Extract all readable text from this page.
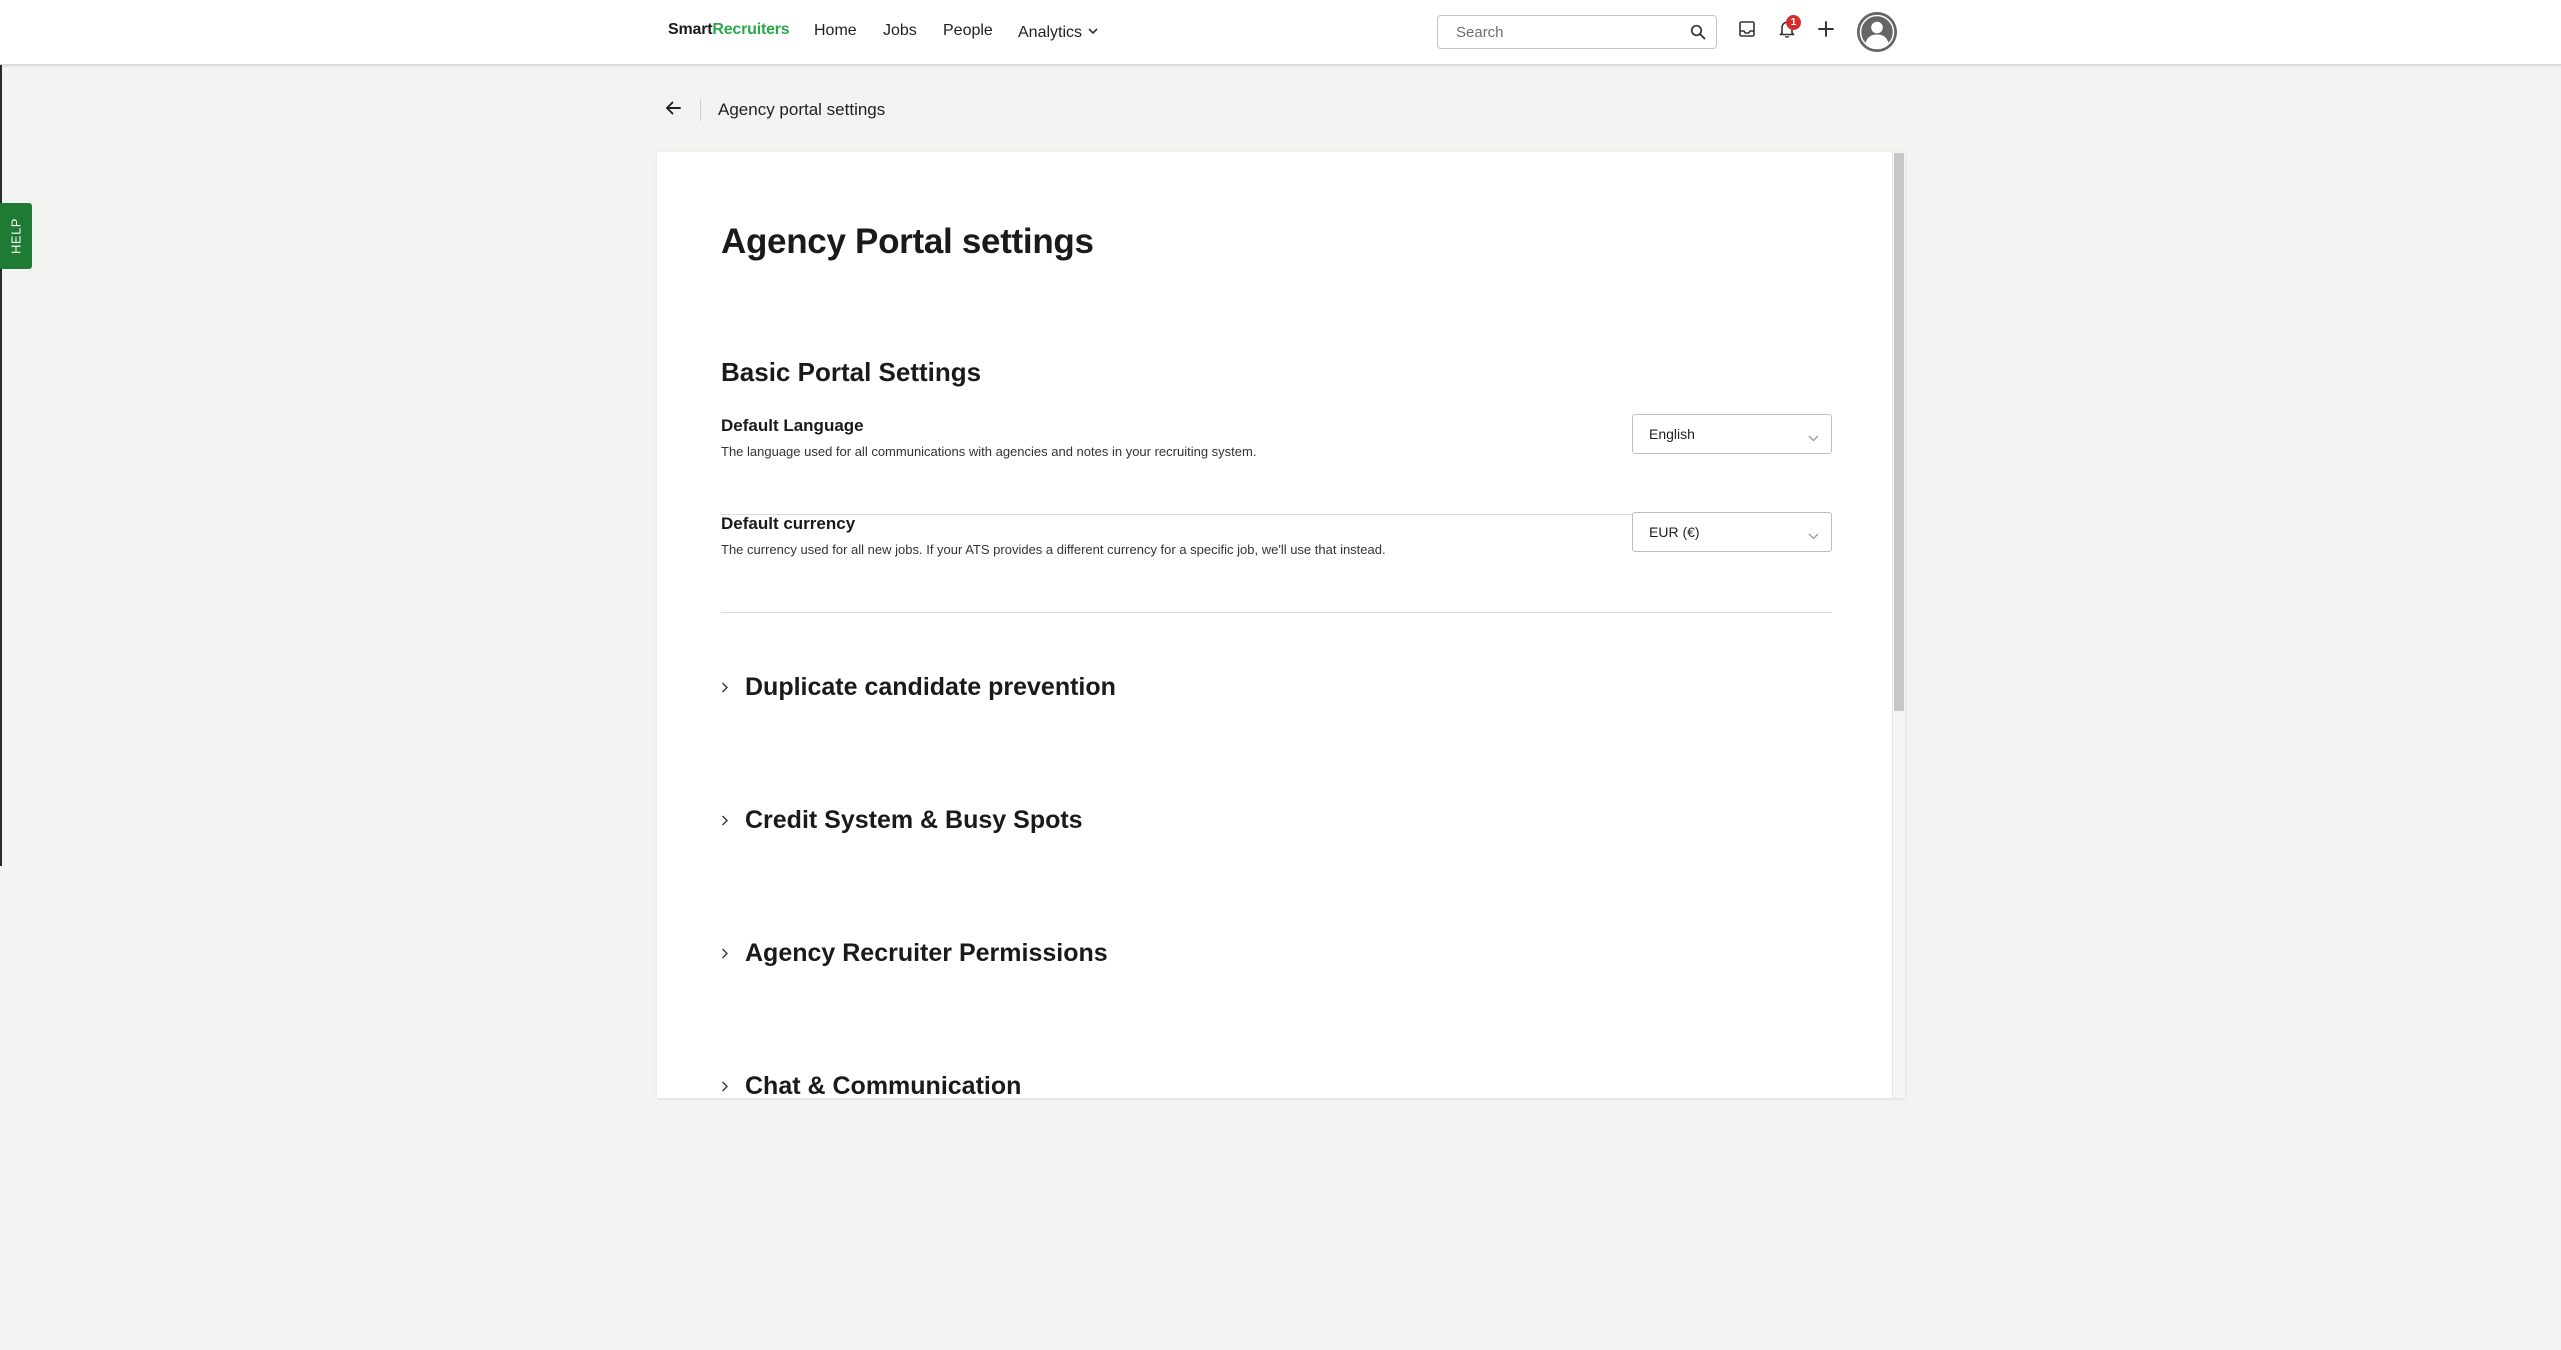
SmartRecruiters Home Jobs People Analytics
Search
1
HELP
Agency portal settings
Agency Portal settings
Basic Portal Settings
Default Language
The language used for all communications with agencies and notes in your recruiting system.
English
Default currency
The currency used for all new jobs. If your ATS provides a different currency for a specific job, we'll use that instead.
EUR (€)
Duplicate candidate prevention
Credit System & Busy Spots
Agency Recruiter Permissions
Chat & Communication
